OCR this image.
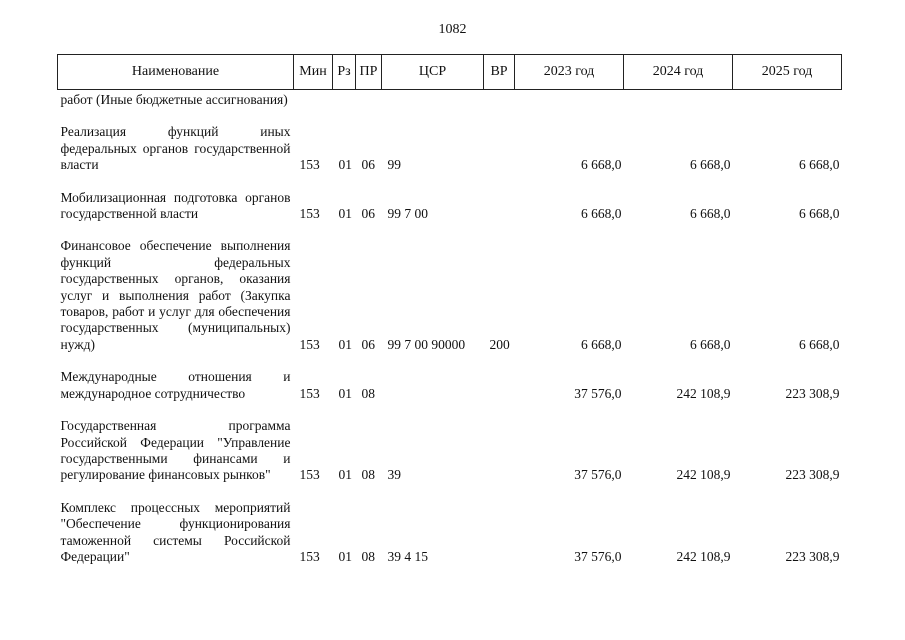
1082
Наименование	Мин	Рз	ПР	ЦСР	ВР	2023 год	2024 год	2025 год
работ (Иные бюджетные ассигнования)								
Реализация функций иных федеральных органов государственной власти	153	01	06	99		6 668,0	6 668,0	6 668,0
Мобилизационная подготовка органов государственной власти	153	01	06	99 7 00		6 668,0	6 668,0	6 668,0
Финансовое обеспечение выполнения функций федеральных государственных органов, оказания услуг и выполнения работ (Закупка товаров, работ и услуг для обеспечения государственных (муниципальных) нужд)	153	01	06	99 7 00 90000	200	6 668,0	6 668,0	6 668,0
Международные отношения и международное сотрудничество	153	01	08			37 576,0	242 108,9	223 308,9
Государственная программа Российской Федерации "Управление государственными финансами и регулирование финансовых рынков"	153	01	08	39		37 576,0	242 108,9	223 308,9
Комплекс процессных мероприятий "Обеспечение функционирования таможенной системы Российской Федерации"	153	01	08	39 4 15		37 576,0	242 108,9	223 308,9
